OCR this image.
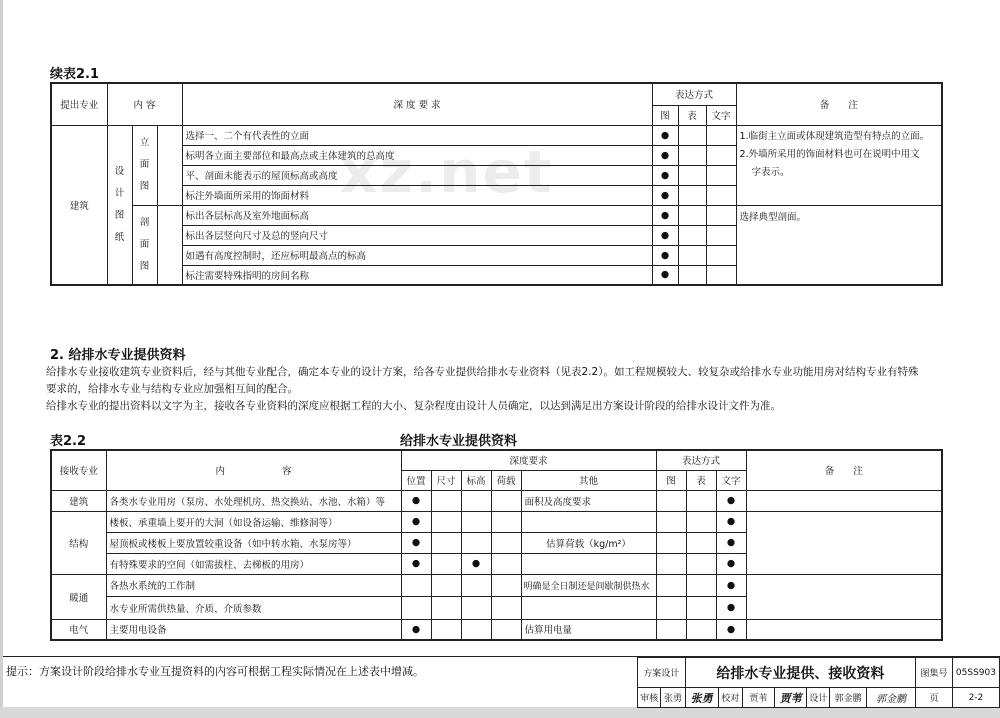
xz.net
续表2.1
提出专业	内 容			深 度 要 求	表达方式			备　　注
					图	表	文字	
建筑	设计图纸	立面图		选择一、二个有代表性的立面	●			1.临街主立面或体现建筑造型有特点的立面。
2.外墙所采用的饰面材料也可在说明中用文
字表示。

				标明各立面主要部位和最高点或主体建筑的总高度	●			
				平、剖面未能表示的屋顶标高或高度	●			
				标注外墙面所采用的饰面材料	●			
		剖面图		标出各层标高及室外地面标高	●			选择典型剖面。
				标出各层竖向尺寸及总的竖向尺寸	●			
				如遇有高度控制时，还应标明最高点的标高	●			
				标注需要特殊指明的房间名称	●			
2. 给排水专业提供资料
给排水专业接收建筑专业资料后，经与其他专业配合，确定本专业的设计方案，给各专业提供给排水专业资料（见表2.2）。如工程规模较大、较复杂或给排水专业功能用房对结构专业有特殊
要求的，给排水专业与结构专业应加强相互间的配合。
给排水专业的提出资料以文字为主，接收各专业资料的深度应根据工程的大小、复杂程度由设计人员确定，以达到满足出方案设计阶段的给排水设计文件为准。
表2.2	给排水专业提供资料
接收专业	内　　　　　　容	深度要求					表达方式			备　　注
		位置	尺寸	标高	荷载	其他	图	表	文字	
建筑	各类水专业用房（泵房、水处理机房、热交换站、水池、水箱）等	●				面积及高度要求			●	
结构	楼板、承重墙上要开的大洞（如设备运输、维修洞等）	●							●	
	屋顶板或楼板上要放置较重设备（如中转水箱、水泵房等）	●				估算荷载（kg/m²）			●	
	有特殊要求的空间（如需拔柱、去梯板的用房）	●		●					●	
暖通	各热水系统的工作制					明确是全日制还是间歇制供热水			●	
	水专业所需供热量、介质、介质参数								●	
电气	主要用电设备	●				估算用电量			●	
提示：方案设计阶段给排水专业互提资料的内容可根据工程实际情况在上述表中增减。	方案设计		给排水专业提供、接收资料							图集号	05SS903
审核	张勇	张勇	校对	贾苇	贾苇	设计	郭金鹏	郭金鹏	页	2-2
